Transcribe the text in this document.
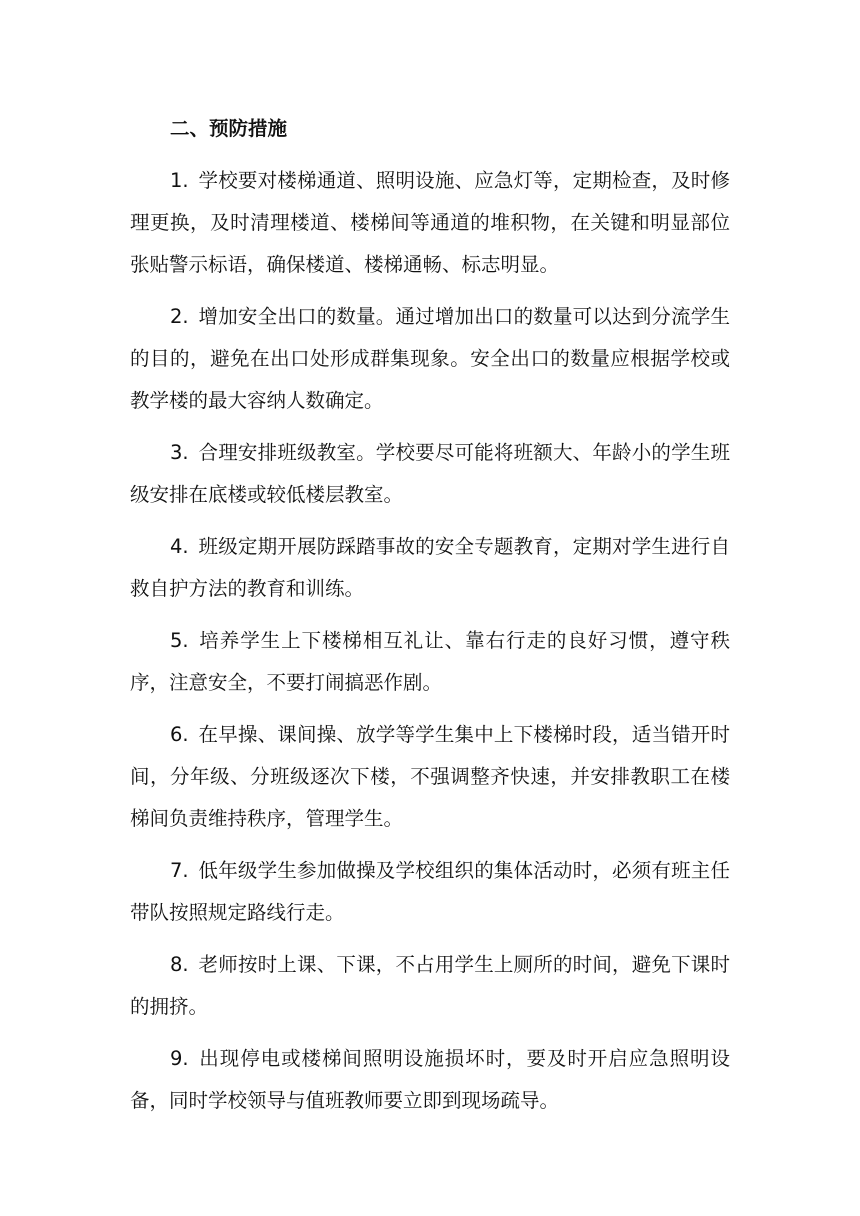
二、预防措施

1. 学校要对楼梯通道、照明设施、应急灯等，定期检查，及时修理更换，及时清理楼道、楼梯间等通道的堆积物，在关键和明显部位张贴警示标语，确保楼道、楼梯通畅、标志明显。

2. 增加安全出口的数量。通过增加出口的数量可以达到分流学生的目的，避免在出口处形成群集现象。安全出口的数量应根据学校或教学楼的最大容纳人数确定。

3. 合理安排班级教室。学校要尽可能将班额大、年龄小的学生班级安排在底楼或较低楼层教室。

4. 班级定期开展防踩踏事故的安全专题教育，定期对学生进行自救自护方法的教育和训练。

5. 培养学生上下楼梯相互礼让、靠右行走的良好习惯，遵守秩序，注意安全，不要打闹搞恶作剧。

6. 在早操、课间操、放学等学生集中上下楼梯时段，适当错开时间，分年级、分班级逐次下楼，不强调整齐快速，并安排教职工在楼梯间负责维持秩序，管理学生。

7. 低年级学生参加做操及学校组织的集体活动时，必须有班主任带队按照规定路线行走。

8. 老师按时上课、下课，不占用学生上厕所的时间，避免下课时的拥挤。

9. 出现停电或楼梯间照明设施损坏时，要及时开启应急照明设备，同时学校领导与值班教师要立即到现场疏导。
